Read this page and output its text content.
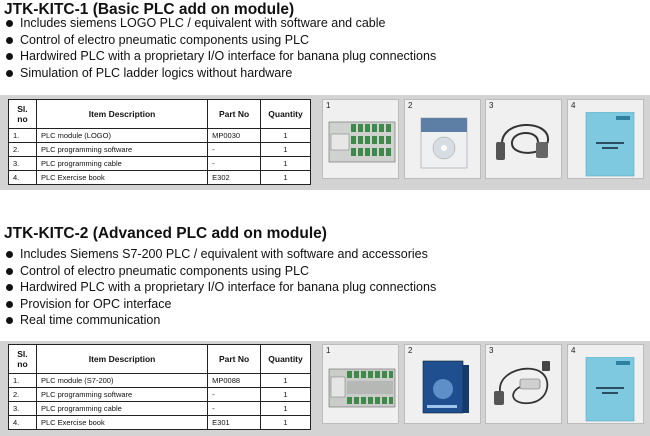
JTK-KITC-1 (Basic PLC add on module)
Includes siemens LOGO PLC / equivalent with software and cable
Control of electro pneumatic components using PLC
Hardwired PLC with a proprietary I/O interface for banana plug connections
Simulation of PLC ladder logics without hardware
Sl. no	Item Description	Part No	Quantity
1.	PLC module (LOGO)	MP0030	1
2.	PLC programming software	-	1
3.	PLC programming cable	-	1
4.	PLC Exercise book	E302	1
1	2	3	4
JTK-KITC-2 (Advanced PLC add on module)
Includes Siemens S7-200 PLC / equivalent with software and accessories
Control of electro pneumatic components using PLC
Hardwired PLC with a proprietary I/O interface for banana plug connections
Provision for OPC interface
Real time communication
Sl. no	Item Description	Part No	Quantity
1.	PLC module (S7-200)	MP0088	1
2.	PLC programming software	-	1
3.	PLC programming cable	-	1
4.	PLC Exercise book	E301	1
1	2	3	4
